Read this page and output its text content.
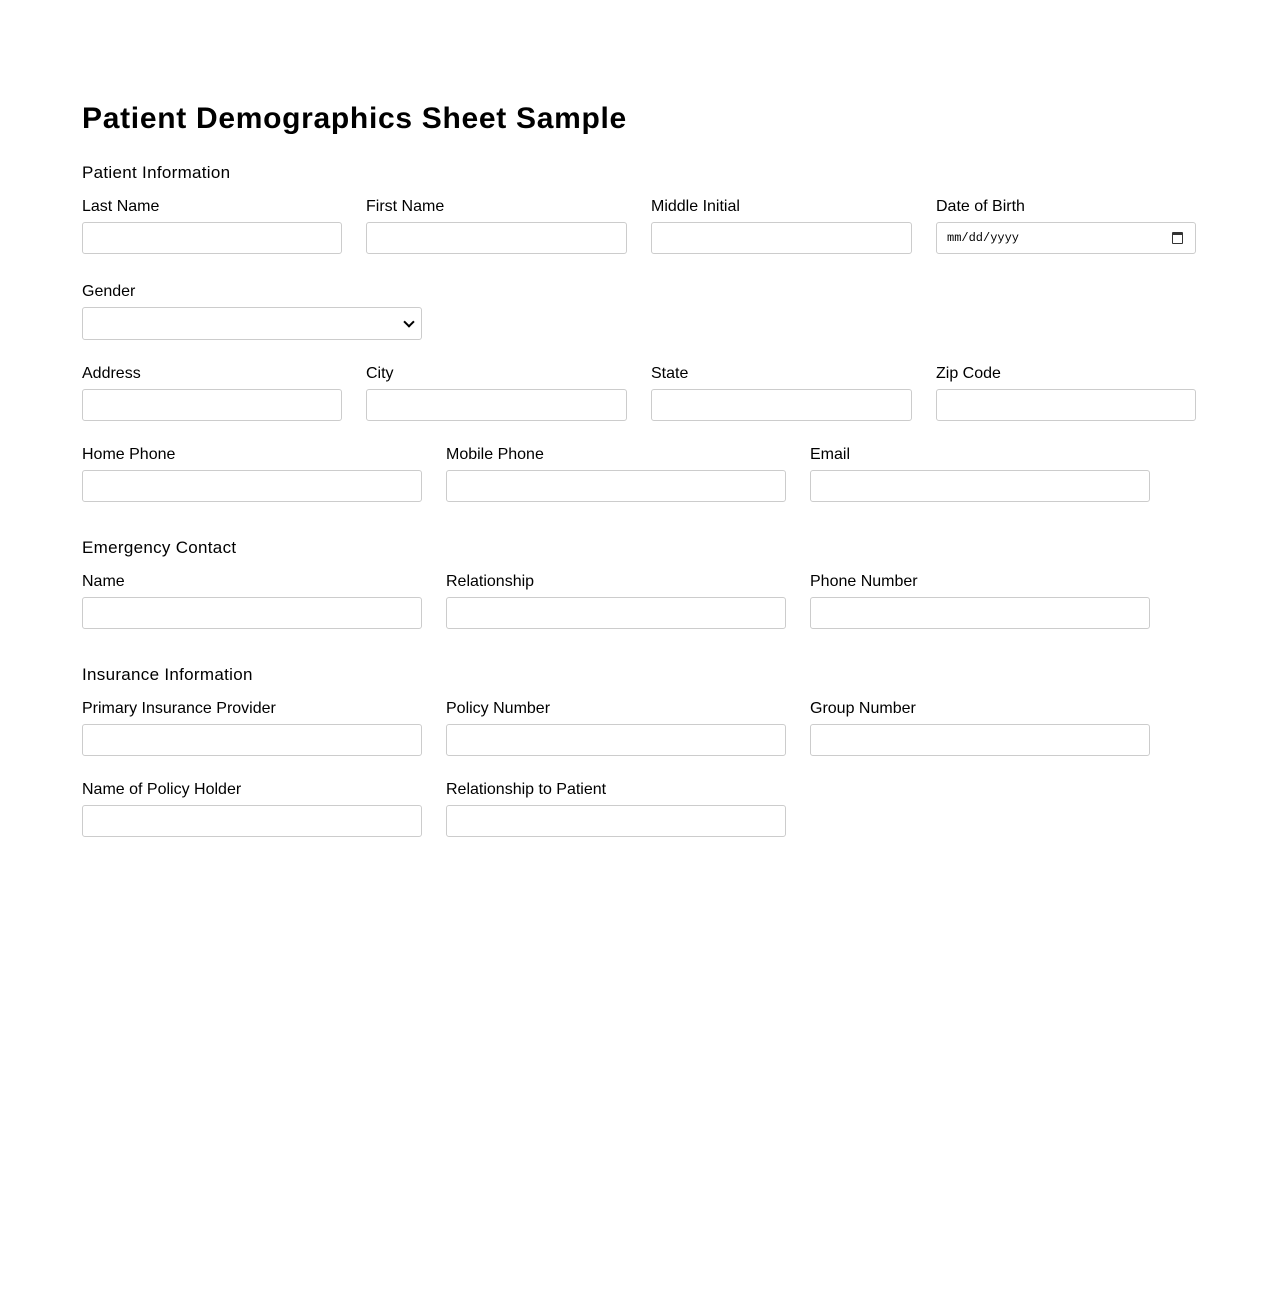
Patient Demographics Sheet Sample
Patient Information
Last Name	First Name	Middle Initial	Date of Birth
mm/dd/yyyy
Gender
Address	City	State	Zip Code
Home Phone	Mobile Phone	Email
Emergency Contact
Name	Relationship	Phone Number
Insurance Information
Primary Insurance Provider	Policy Number	Group Number
Name of Policy Holder	Relationship to Patient
